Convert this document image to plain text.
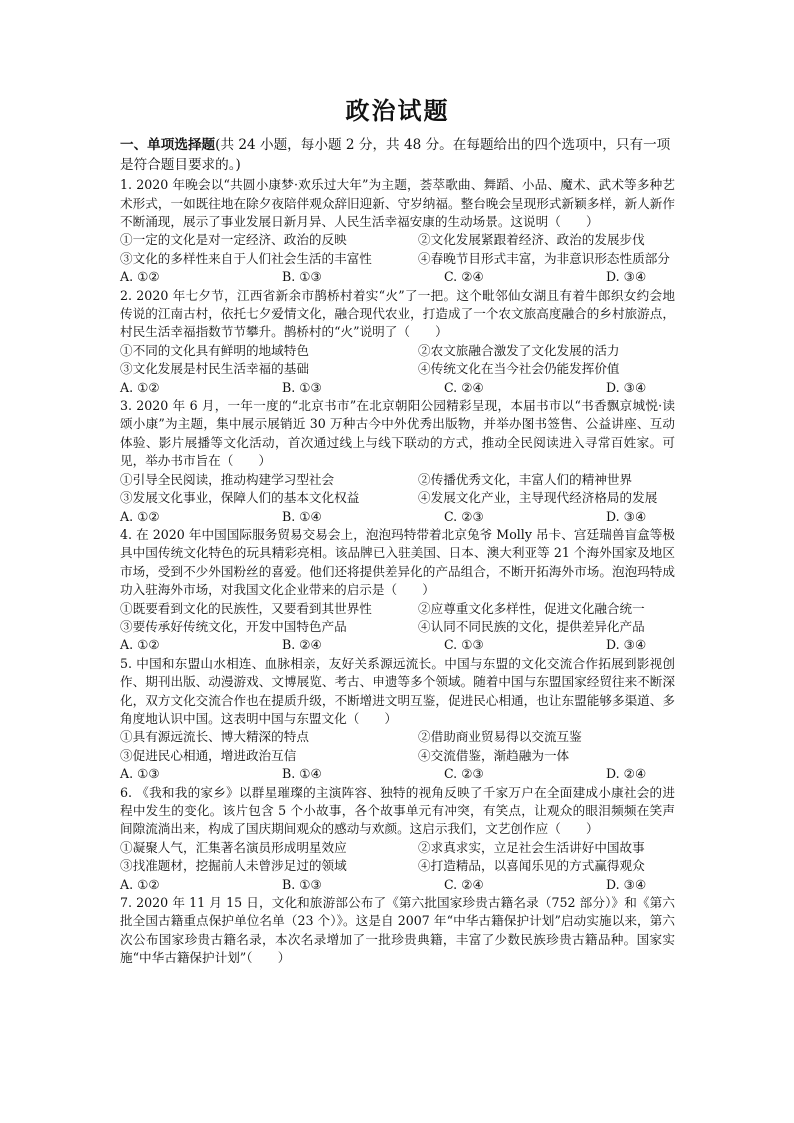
政治试题
一、单项选择题(共 24 小题，每小题 2 分，共 48 分。在每题给出的四个选项中，只有一项是符合题目要求的。)
1. 2020 年晚会以“共圆小康梦·欢乐过大年”为主题，荟萃歌曲、舞蹈、小品、魔术、武术等多种艺术形式，一如既往地在除夕夜陪伴观众辞旧迎新、守岁纳福。整台晚会呈现形式新颖多样，新人新作不断涌现，展示了事业发展日新月异、人民生活幸福安康的生动场景。这说明（　　）
①一定的文化是对一定经济、政治的反映	②文化发展紧跟着经济、政治的发展步伐
③文化的多样性来自于人们社会生活的丰富性	④春晚节目形式丰富，为非意识形态性质部分
A. ①②	B. ①③	C. ②④	D. ③④
2. 2020 年七夕节，江西省新余市鹊桥村着实“火”了一把。这个毗邻仙女湖且有着牛郎织女约会地传说的江南古村，依托七夕爱情文化，融合现代农业，打造成了一个农文旅高度融合的乡村旅游点，村民生活幸福指数节节攀升。鹊桥村的“火”说明了（　　）
①不同的文化具有鲜明的地域特色	②农文旅融合激发了文化发展的活力
③文化发展是村民生活幸福的基础	④传统文化在当今社会仍能发挥价值
A. ①②	B. ①③	C. ②④	D. ③④
3. 2020 年 6 月，一年一度的“北京书市”在北京朝阳公园精彩呈现，本届书市以“书香飘京城悦·读颂小康”为主题，集中展示展销近 30 万种古今中外优秀出版物，并举办图书签售、公益讲座、互动体验、影片展播等文化活动，首次通过线上与线下联动的方式，推动全民阅读进入寻常百姓家。可见，举办书市旨在（　　）
①引导全民阅读，推动构建学习型社会	②传播优秀文化，丰富人们的精神世界
③发展文化事业，保障人们的基本文化权益	④发展文化产业，主导现代经济格局的发展
A. ①②	B. ①④	C. ②③	D. ③④
4. 在 2020 年中国国际服务贸易交易会上，泡泡玛特带着北京兔爷 Molly 吊卡、宫廷瑞兽盲盒等极具中国传统文化特色的玩具精彩亮相。该品牌已入驻美国、日本、澳大利亚等 21 个海外国家及地区市场，受到不少外国粉丝的喜爱。他们还将提供差异化的产品组合，不断开拓海外市场。泡泡玛特成功入驻海外市场，对我国文化企业带来的启示是（　　）
①既要看到文化的民族性，又要看到其世界性	②应尊重文化多样性，促进文化融合统一
③要传承好传统文化，开发中国特色产品	④认同不同民族的文化，提供差异化产品
A. ①②	B. ②④	C. ①③	D. ③④
5. 中国和东盟山水相连、血脉相亲，友好关系源远流长。中国与东盟的文化交流合作拓展到影视创作、期刊出版、动漫游戏、文博展览、考古、申遗等多个领域。随着中国与东盟国家经贸往来不断深化，双方文化交流合作也在提质升级，不断增进文明互鉴，促进民心相通，也让东盟能够多渠道、多角度地认识中国。这表明中国与东盟文化（　　）
①具有源远流长、博大精深的特点	②借助商业贸易得以交流互鉴
③促进民心相通，增进政治互信	④交流借鉴，渐趋融为一体
A. ①③	B. ①④	C. ②③	D. ②④
6. 《我和我的家乡》以群星璀璨的主演阵容、独特的视角反映了千家万户在全面建成小康社会的进程中发生的变化。该片包含 5 个小故事，各个故事单元有冲突，有笑点，让观众的眼泪频频在笑声间隙流淌出来，构成了国庆期间观众的感动与欢颜。这启示我们，文艺创作应（　　）
①凝聚人气，汇集著名演员形成明星效应	②求真求实，立足社会生活讲好中国故事
③找准题材，挖掘前人未曾涉足过的领域	④打造精品，以喜闻乐见的方式赢得观众
A. ①②	B. ①③	C. ②④	D. ③④
7. 2020 年 11 月 15 日，文化和旅游部公布了《第六批国家珍贵古籍名录（752 部分）》和《第六批全国古籍重点保护单位名单（23 个）》。这是自 2007 年“中华古籍保护计划”启动实施以来，第六次公布国家珍贵古籍名录，本次名录增加了一批珍贵典籍，丰富了少数民族珍贵古籍品种。国家实施“中华古籍保护计划”（　　）
